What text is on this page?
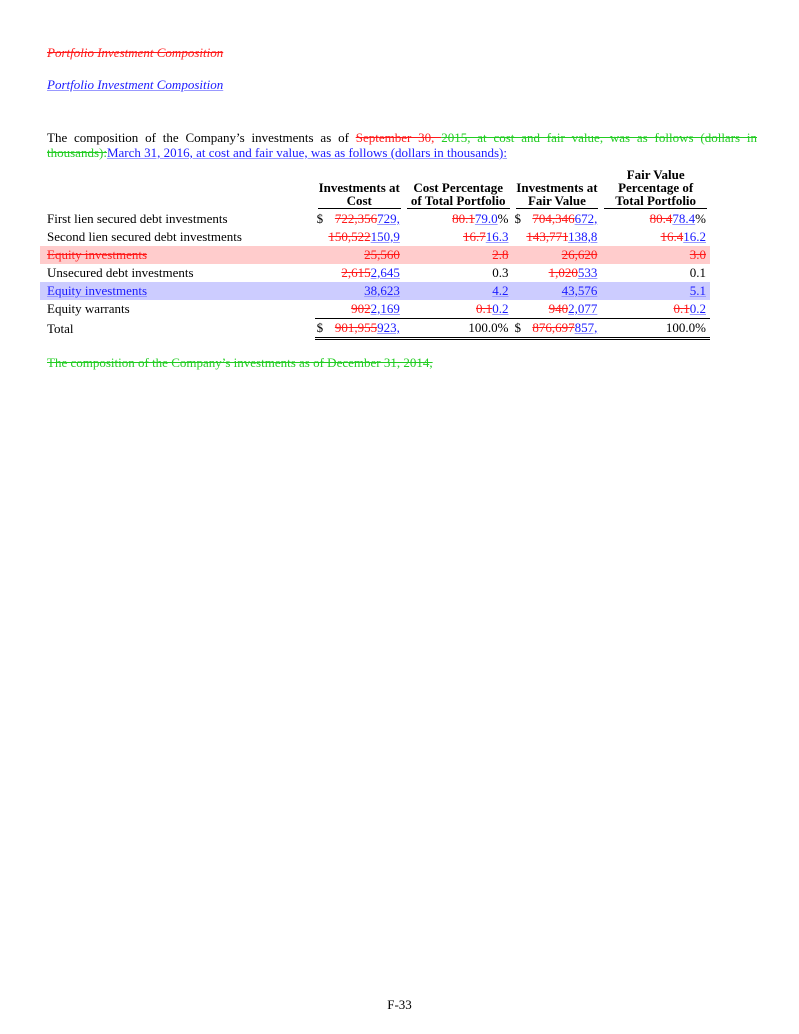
Portfolio Investment Composition
Portfolio Investment Composition
The composition of the Company’s investments as of September 30, 2015, at cost and fair value, was as follows (dollars in thousands):March 31, 2016, at cost and fair value, was as follows (dollars in thousands):

	Investments at Cost		Cost Percentage of Total Portfolio	Investments at Fair Value		Fair Value Percentage of Total Portfolio

First lien secured debt investments	$	722,356729,	80.179.0%	$	704,346672,	80.478.4%
Second lien secured debt investments		150,522150,9	16.716.3		143,771138,8	16.416.2
Equity investments		25,560	2.8		26,620	3.0
Unsecured debt investments		2,6152,645	0.3		1,020533	0.1
Equity investments		38,623	4.2		43,576	5.1
Equity warrants		9022,169	0.10.2		9402,077	0.10.2
Total	$	901,955923,	100.0%	$	876,697857,	100.0%
The composition of the Company’s investments as of December 31, 2014,
F-33
